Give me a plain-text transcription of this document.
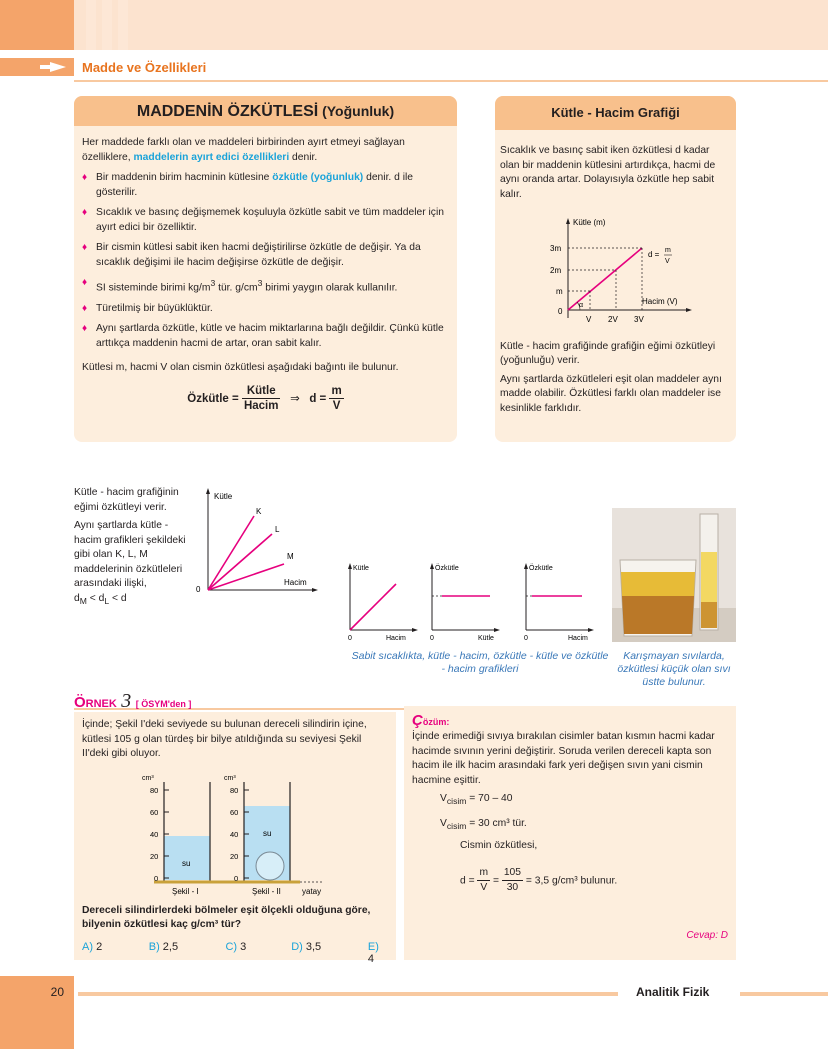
Madde ve Özellikleri
MADDENİN ÖZKÜTLESİ (Yoğunluk)

Her maddede farklı olan ve maddeleri birbirinden ayırt etmeyi sağlayan özelliklere, maddelerin ayırt edici özellikleri denir.

♦ Bir maddenin birim hacminin kütlesine özkütle (yoğunluk) denir. d ile gösterilir.

♦ Sıcaklık ve basınç değişmemek koşuluyla özkütle sabit ve tüm maddeler için ayırt edici bir özelliktir.

♦ Bir cismin kütlesi sabit iken hacmi değiştirilirse özkütle de değişir. Ya da sıcaklık değişimi ile hacim değişirse özkütle de değişir.

♦ SI sisteminde birimi $kg/m^3$ tür. $g/cm^3$ birimi yaygın olarak kullanılır.

♦ Türetilmiş bir büyüklüktür.

♦ Aynı şartlarda özkütle, kütle ve hacim miktarlarına bağlı değildir. Çünkü kütle arttıkça maddenin hacmi de artar, oran sabit kalır.

Kütlesi m, hacmi V olan cismin özkütlesi aşağıdaki bağıntı ile bulunur.

Özkütle = $\frac{\text{Kütle}}{\text{Hacim}}$ ⇒ $d = \frac{m}{V}$
Kütle - Hacim Grafiği

Sıcaklık ve basınç sabit iken özkütlesi d kadar olan bir maddenin kütlesini artırdıkça, hacmi de aynı oranda artar. Dolayısıyla özkütle hep sabit kalır.

Kütle (m)
Hacim (V)
3m
2m
m
0
V 2V 3V
α
d = m
V

Kütle - hacim grafiğinde grafiğin eğimi özkütleyi (yoğunluğu) verir.

Aynı şartlarda özkütleleri eşit olan maddeler aynı madde olabilir. Özkütlesi farklı olan maddeler ise kesinlikle farklıdır.

Kütle - hacim grafiğinin eğimi özkütleyi verir.

Aynı şartlarda kütle - hacim grafikleri şekildeki gibi olan K, L, M maddelerinin özkütleleri arasındaki ilişki,

$d_M < d_L < d$

Kütle
Hacim
0
K
L
M
Kütle
Hacim
0
Özkütle
Kütle
0
Özkütle
Hacim
0
Sabit sıcaklıkta, kütle - hacim, özkütle - kütle ve özkütle - hacim grafikleri
Karışmayan sıvılarda, özkütlesi küçük olan sıvı üstte bulunur.
ÖRNEK 3 [ ÖSYM'den ]

İçinde; Şekil I'deki seviyede su bulunan dereceli silindirin içine, kütlesi 105 g olan türdeş bir bilye atıldığında su seviyesi Şekil II'deki gibi oluyor.

cm³	cm³
80
60
40
20
0
80
60
40
20
0
su
su
Şekil - I	Şekil - II	yatay

Dereceli silindirlerdeki bölmeler eşit ölçekli olduğuna göre, bilyenin özkütlesi kaç g/cm³ tür?

A) 2	B) 2,5	C) 3	D) 3,5	E) 4
Çözüm:

İçinde erimediği sıvıya bırakılan cisimler batan kısmın hacmi kadar hacimde sıvının yerini değiştirir. Soruda verilen dereceli kapta son hacim ile ilk hacim arasındaki fark yeri değişen sıvın yani cismin hacmine eşittir.

$V_{cisim} = 70 - 40$

$V_{cisim} = 30$ cm³ tür.

Cismin özkütlesi,

$d = \frac{m}{V} = \frac{105}{30} = 3,5$ g/cm³ bulunur.
Cevap: D
20	Analitik Fizik
